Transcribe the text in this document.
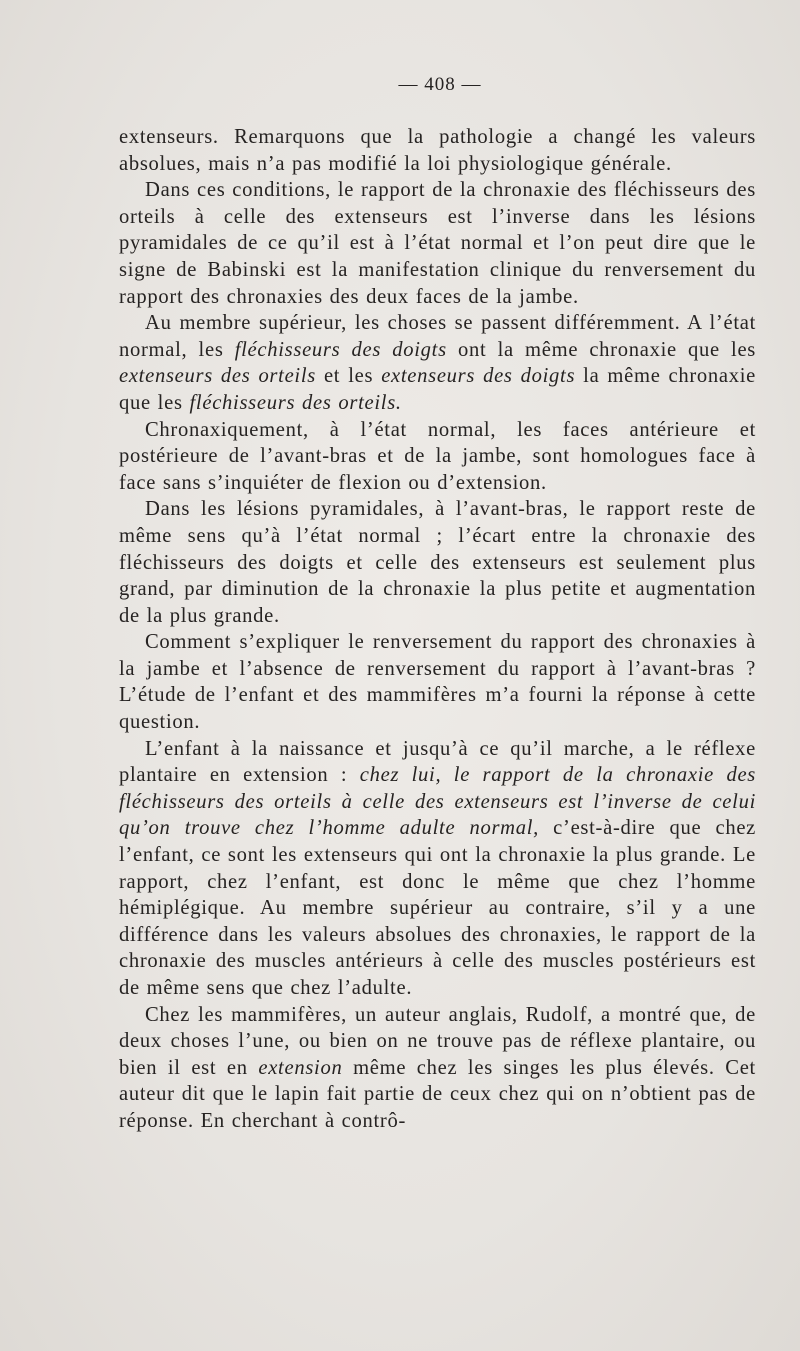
— 408 —

extenseurs. Remarquons que la pathologie a changé les valeurs absolues, mais n’a pas modifié la loi physiologique générale.

Dans ces conditions, le rapport de la chronaxie des fléchisseurs des orteils à celle des extenseurs est l’inverse dans les lésions pyramidales de ce qu’il est à l’état normal et l’on peut dire que le signe de Babinski est la manifestation clinique du renversement du rapport des chronaxies des deux faces de la jambe.

Au membre supérieur, les choses se passent différemment. A l’état normal, les fléchisseurs des doigts ont la même chronaxie que les extenseurs des orteils et les extenseurs des doigts la même chronaxie que les fléchisseurs des orteils.

Chronaxiquement, à l’état normal, les faces antérieure et postérieure de l’avant-bras et de la jambe, sont homologues face à face sans s’inquiéter de flexion ou d’extension.

Dans les lésions pyramidales, à l’avant-bras, le rapport reste de même sens qu’à l’état normal ; l’écart entre la chronaxie des fléchisseurs des doigts et celle des extenseurs est seulement plus grand, par diminution de la chronaxie la plus petite et augmentation de la plus grande.

Comment s’expliquer le renversement du rapport des chronaxies à la jambe et l’absence de renversement du rapport à l’avant-bras ? L’étude de l’enfant et des mammifères m’a fourni la réponse à cette question.

L’enfant à la naissance et jusqu’à ce qu’il marche, a le réflexe plantaire en extension : chez lui, le rapport de la chronaxie des fléchisseurs des orteils à celle des extenseurs est l’inverse de celui qu’on trouve chez l’homme adulte normal, c’est-à-dire que chez l’enfant, ce sont les extenseurs qui ont la chronaxie la plus grande. Le rapport, chez l’enfant, est donc le même que chez l’homme hémiplégique. Au membre supérieur au contraire, s’il y a une différence dans les valeurs absolues des chronaxies, le rapport de la chronaxie des muscles antérieurs à celle des muscles postérieurs est de même sens que chez l’adulte.

Chez les mammifères, un auteur anglais, Rudolf, a montré que, de deux choses l’une, ou bien on ne trouve pas de réflexe plantaire, ou bien il est en extension même chez les singes les plus élevés. Cet auteur dit que le lapin fait partie de ceux chez qui on n’obtient pas de réponse. En cherchant à contrô-
